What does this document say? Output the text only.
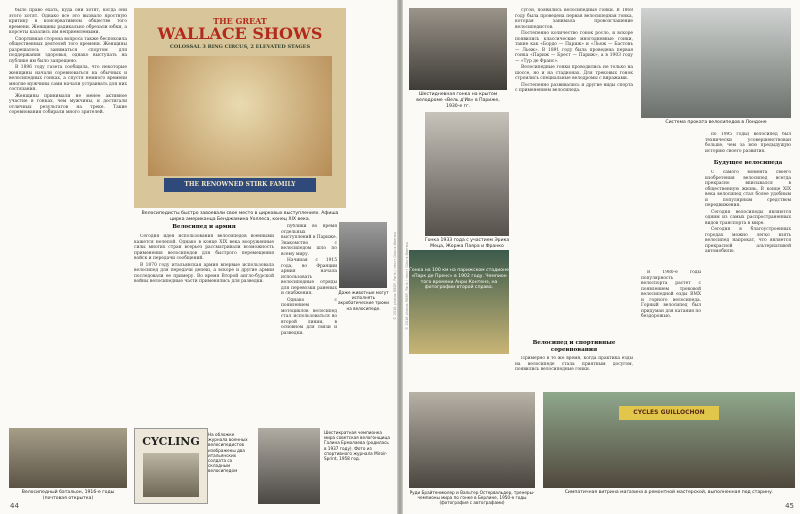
было право ехать, куда они хотят, когда они этого хотят. Однако все это вызвало яростную критику в консервативном обществе того времени. Женщины радикально обрезали юбки, а корсеты казались им неприемлемыми.

Спортивная сторона вопроса также беспокоила общественных деятелей того времени. Женщины разрешалось заниматься спортом для поддержания здоровья, однако выступать на публике им было запрещено.

В 1896 году газета сообщила, что некоторые женщины начали соревноваться на обычных и велосипедных гонках, а спустя немного времени многие мужчины сами начали устраивать для них состязания.

Женщины принимали не менее активное участие в гонках, чем мужчины, и достигали отличных результатов на треке. Такие соревнования собирали много зрителей.

THE GREAT
WALLACE SHOWS
COLOSSAL 3 RING CIRCUS, 2 ELEVATED STAGES
THE RENOWNED STIRK FAMILY
Велосипедисты быстро завоевали свое место в цирковых выступлениях. Афиша цирка американца Бенджамина Уоллеса, конец XIX века.
Велосипед и армия

Сегодня идея использования велосипедов военными кажется нелепой. Однако в конце XIX века вооруженные силы многих стран всерьез рассматривали возможность применения велосипедов для быстрого перемещения войск и передачи сообщений.

В 1870 году итальянская армия впервые использовала велосипед для передачи депеш, а вскоре и другие армии последовали ее примеру. Во время Второй англо-бурской войны велосипедные части применялись для разведки.

публики во время отдельных выступлений в Париже. Знакомство с велосипедом шло по всему миру.

Начиная с 1915 года, во Франции армия начала использовать велосипедные отряды для перевозки раненых и снабжения.

Однако с появлением мотоциклов велосипед стал использоваться во второй линии, в основном для связи и разведки.

Даже животные могут исполнять акробатические трюки на велосипеде.
Велосипедный батальон, 1916-е годы (почтовая открытка)
CYCLING
На обложке журнала военных велосипедистов изображены два итальянских солдата со складным велосипедом
Шестикратная чемпионка мира советская велогонщица Галина Ермолаева (родилась в 1937 году). Фото из спортивного журнала Miroir-Sprint, 1958 год.
44
© 2018 photos RBBP, Paris / текст Ольга Ивенко
Шестидневная гонка на крытом велодроме «Вель д'Ив» в Париже, 1930-е гг.

сугон, появились велосипедные гонки. В 1868 году была проведена первая велосипедная гонка, которая занимала провозглашение велосипедистов.

Постепенно количество гонок росло, и вскоре появились классические многодневные гонки, такие как «Бордо — Париж» и «Льеж — Бастонь — Льеж». В 1891 году была проведена первая гонка «Париж — Брест — Париж», а в 1903 году — «Тур де Франс».

Велосипедные гонки проводились не только на шоссе, но и на стадионах. Для трековых гонок строились специальные велодромы с виражами.

Постепенно развивались и другие виды спорта с применением велосипеда.

Гонка 1933 года с участием Эрика Меца, Жоржа Паяра и Франко
Гонка на 100 км на парижском стадионе «Парк де Пренс» в 1902 году. Чемпион того времени Анри Контенэ, на фотографии второй справа.
Велосипед и спортивные соревнования

Примерно в то же время, когда практика езды на велосипеде стала приятным досугом, появились велосипедные гонки.

В 1980-е годы популярность велоспорта растет с появлением трековой велосипедной езды BMX и горного велосипеда. Горный велосипед был придуман для катания по бездорожью.

Система проката велосипедов в Лондоне

по 1995 годы) велосипед был технически усовершенствован больше, чем за всю предыдущую историю своего развития.

Будущее велосипеда

С самого момента своего изобретения велосипед всегда прекрасно вписывался в общественную жизнь. В конце XIX века велосипед стал более удобным и популярным средством передвижения.

Сегодня велосипеды являются одним из самых распространенных видов транспорта в мире.

Сегодня в благоустроенных городах можно легко взять велосипед напрокат, что является прекрасной альтернативой автомобилю.

Руди Брайтенмюлер и Вальтер Остервальдер, тренеры-чемпионы мира по гонке в Берлине, 1950-е годы (фотография с автографами)
CYCLES GUILLOCHON
Симпатичная витрина магазина в ремонтной мастерской, выполненная под старину.
45
© 2018 photos RBBP, Paris / текст Ольга Ивенко
